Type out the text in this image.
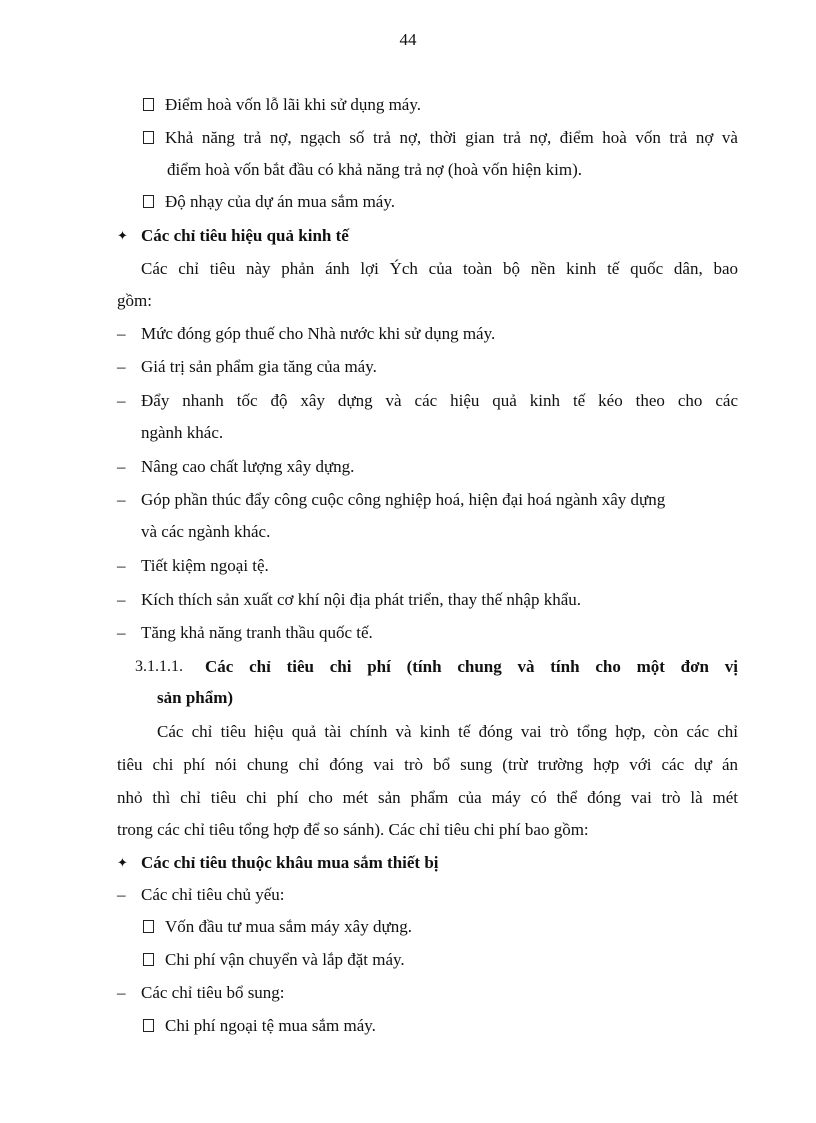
44
Điểm hoà vốn lỗ lãi khi sử dụng máy.
Khả năng trả nợ, ngạch số trả nợ, thời gian trả nợ, điểm hoà vốn trả nợ và
điểm hoà vốn bắt đầu có khả năng trả nợ (hoà vốn hiện kim).
Độ nhạy của dự án mua sắm máy.
✦ Các chỉ tiêu hiệu quả kinh tế
Các chỉ tiêu này phản ánh lợi Ých của toàn bộ nền kinh tế quốc dân, bao
gồm:
– Mức đóng góp thuế cho Nhà nước khi sử dụng máy.
– Giá trị sản phẩm gia tăng của máy.
– Đẩy nhanh tốc độ xây dựng và các hiệu quả kinh tế kéo theo cho các
ngành khác.
– Nâng cao chất lượng xây dựng.
– Góp phần thúc đẩy công cuộc công nghiệp hoá, hiện đại hoá ngành xây dựng
và các ngành khác.
– Tiết kiệm ngoại tệ.
– Kích thích sản xuất cơ khí nội địa phát triển, thay thế nhập khẩu.
– Tăng khả năng tranh thầu quốc tế.
3.1.1.1. Các chỉ tiêu chi phí (tính chung và tính cho một đơn vị
sản phẩm)
Các chỉ tiêu hiệu quả tài chính và kinh tế đóng vai trò tổng hợp, còn các chỉ
tiêu chi phí nói chung chỉ đóng vai trò bổ sung (trừ trường hợp với các dự án
nhỏ thì chỉ tiêu chi phí cho mét sản phẩm của máy có thể đóng vai trò là mét
trong các chỉ tiêu tổng hợp để so sánh). Các chỉ tiêu chi phí bao gồm:
✦ Các chỉ tiêu thuộc khâu mua sắm thiết bị
– Các chỉ tiêu chủ yếu:
Vốn đầu tư mua sắm máy xây dựng.
Chi phí vận chuyển và lắp đặt máy.
– Các chỉ tiêu bổ sung:
Chi phí ngoại tệ mua sắm máy.
